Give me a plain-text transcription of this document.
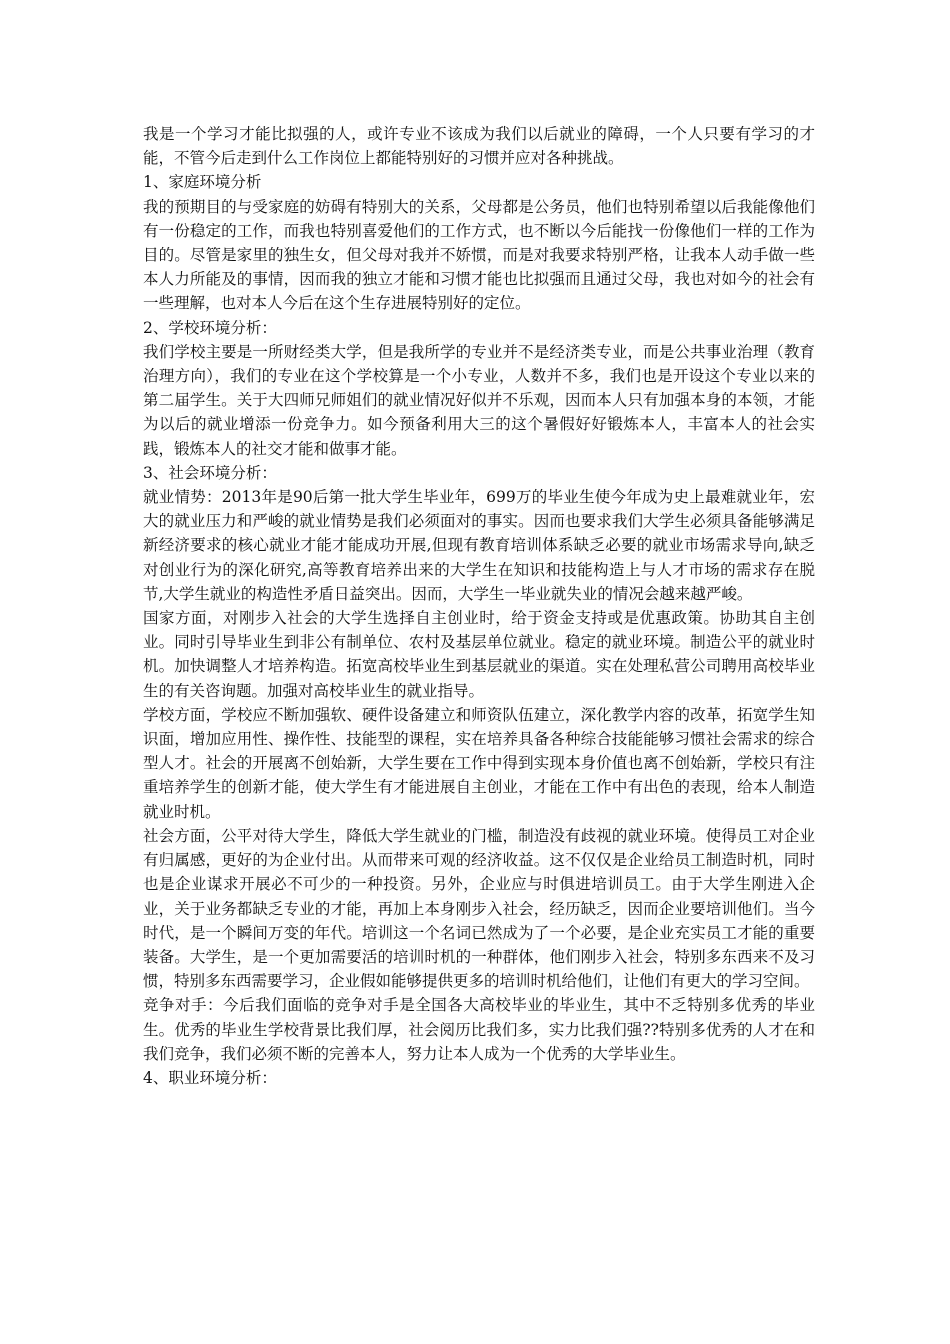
我是一个学习才能比拟强的人，或许专业不该成为我们以后就业的障碍，一个人只要有学习的才能，不管今后走到什么工作岗位上都能特别好的习惯并应对各种挑战。

1、家庭环境分析

我的预期目的与受家庭的妨碍有特别大的关系，父母都是公务员，他们也特别希望以后我能像他们有一份稳定的工作，而我也特别喜爱他们的工作方式，也不断以今后能找一份像他们一样的工作为目的。尽管是家里的独生女，但父母对我并不娇惯，而是对我要求特别严格，让我本人动手做一些本人力所能及的事情，因而我的独立才能和习惯才能也比拟强而且通过父母，我也对如今的社会有一些理解，也对本人今后在这个生存进展特别好的定位。

2、学校环境分析：

我们学校主要是一所财经类大学，但是我所学的专业并不是经济类专业，而是公共事业治理（教育治理方向），我们的专业在这个学校算是一个小专业，人数并不多，我们也是开设这个专业以来的第二届学生。关于大四师兄师姐们的就业情况好似并不乐观，因而本人只有加强本身的本领，才能为以后的就业增添一份竞争力。如今预备利用大三的这个暑假好好锻炼本人，丰富本人的社会实践，锻炼本人的社交才能和做事才能。

3、社会环境分析：

就业情势：2013年是90后第一批大学生毕业年，699万的毕业生使今年成为史上最难就业年，宏大的就业压力和严峻的就业情势是我们必须面对的事实。因而也要求我们大学生必须具备能够满足新经济要求的核心就业才能才能成功开展,但现有教育培训体系缺乏必要的就业市场需求导向,缺乏对创业行为的深化研究,高等教育培养出来的大学生在知识和技能构造上与人才市场的需求存在脱节,大学生就业的构造性矛盾日益突出。因而，大学生一毕业就失业的情况会越来越严峻。

国家方面，对刚步入社会的大学生选择自主创业时，给于资金支持或是优惠政策。协助其自主创业。同时引导毕业生到非公有制单位、农村及基层单位就业。稳定的就业环境。制造公平的就业时机。加快调整人才培养构造。拓宽高校毕业生到基层就业的渠道。实在处理私营公司聘用高校毕业生的有关咨询题。加强对高校毕业生的就业指导。

学校方面，学校应不断加强软、硬件设备建立和师资队伍建立，深化教学内容的改革，拓宽学生知识面，增加应用性、操作性、技能型的课程，实在培养具备各种综合技能能够习惯社会需求的综合型人才。社会的开展离不创始新，大学生要在工作中得到实现本身价值也离不创始新，学校只有注重培养学生的创新才能，使大学生有才能进展自主创业，才能在工作中有出色的表现，给本人制造就业时机。

社会方面，公平对待大学生，降低大学生就业的门槛，制造没有歧视的就业环境。使得员工对企业有归属感，更好的为企业付出。从而带来可观的经济收益。这不仅仅是企业给员工制造时机，同时也是企业谋求开展必不可少的一种投资。另外，企业应与时俱进培训员工。由于大学生刚进入企业，关于业务都缺乏专业的才能，再加上本身刚步入社会，经历缺乏，因而企业要培训他们。当今时代，是一个瞬间万变的年代。培训这一个名词已然成为了一个必要，是企业充实员工才能的重要装备。大学生，是一个更加需要活的培训时机的一种群体，他们刚步入社会，特别多东西来不及习惯，特别多东西需要学习，企业假如能够提供更多的培训时机给他们，让他们有更大的学习空间。

竞争对手：今后我们面临的竞争对手是全国各大高校毕业的毕业生，其中不乏特别多优秀的毕业生。优秀的毕业生学校背景比我们厚，社会阅历比我们多，实力比我们强??特别多优秀的人才在和我们竞争，我们必须不断的完善本人，努力让本人成为一个优秀的大学毕业生。

4、职业环境分析：
